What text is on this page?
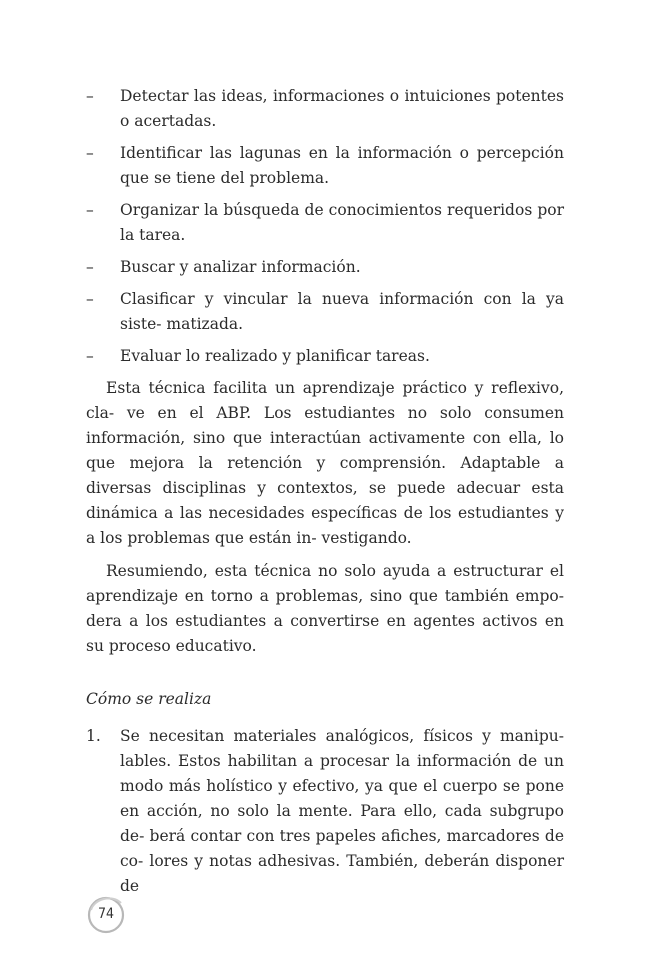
– Detectar las ideas, informaciones o intuiciones potentes o acertadas.
– Identificar las lagunas en la información o percepción que se tiene del problema.
– Organizar la búsqueda de conocimientos requeridos por la tarea.
– Buscar y analizar información.
– Clasificar y vincular la nueva información con la ya siste- matizada.
– Evaluar lo realizado y planificar tareas.

Esta técnica facilita un aprendizaje práctico y reflexivo, cla- ve en el ABP. Los estudiantes no solo consumen información, sino que interactúan activamente con ella, lo que mejora la retención y comprensión. Adaptable a diversas disciplinas y contextos, se puede adecuar esta dinámica a las necesidades específicas de los estudiantes y a los problemas que están in- vestigando.

Resumiendo, esta técnica no solo ayuda a estructurar el aprendizaje en torno a problemas, sino que también empo- dera a los estudiantes a convertirse en agentes activos en su proceso educativo.

Cómo se realiza
1. Se necesitan materiales analógicos, físicos y manipu- lables. Estos habilitan a procesar la información de un modo más holístico y efectivo, ya que el cuerpo se pone en acción, no solo la mente. Para ello, cada subgrupo de- berá contar con tres papeles afiches, marcadores de co- lores y notas adhesivas. También, deberán disponer de
74
